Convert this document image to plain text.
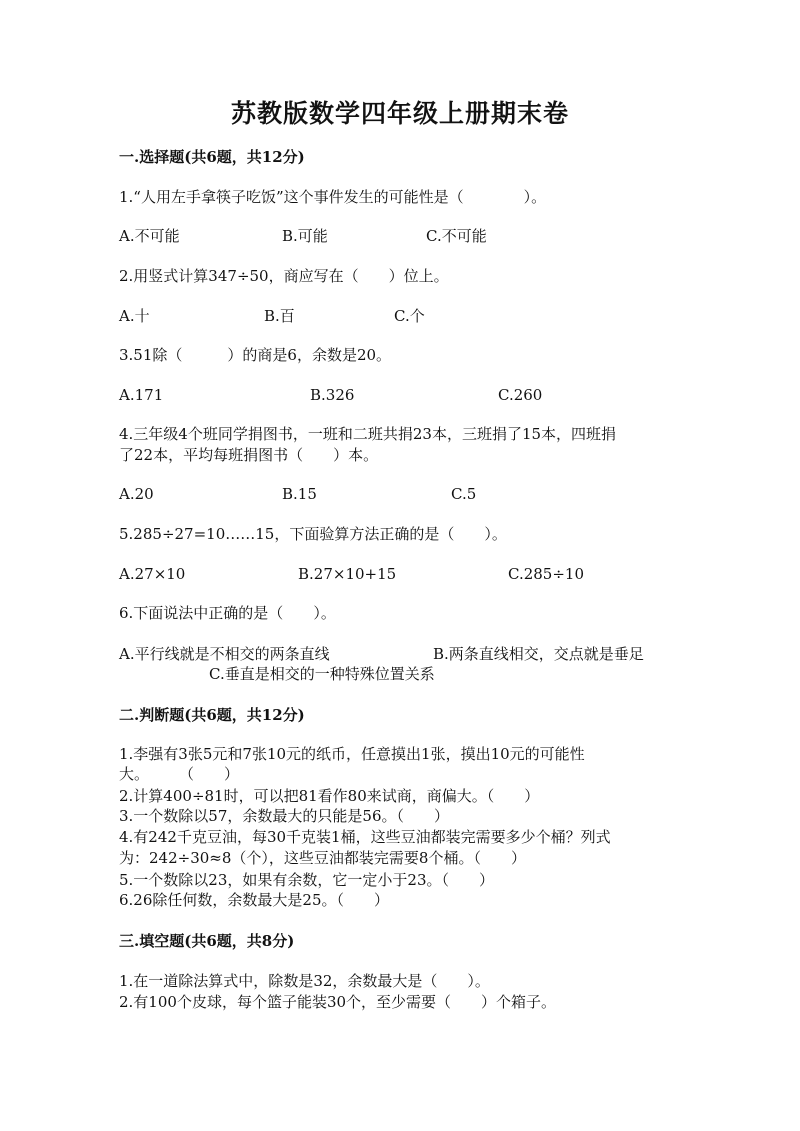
苏教版数学四年级上册期末卷
一.选择题(共6题，共12分)
1.“人用左手拿筷子吃饭”这个事件发生的可能性是（　　　　）。
A.不可能	B.可能	C.不可能
2.用竖式计算347÷50，商应写在（　　）位上。
A.十	B.百	C.个
3.51除（　　　）的商是6，余数是20。
A.171	B.326	C.260
4.三年级4个班同学捐图书，一班和二班共捐23本，三班捐了15本，四班捐
了22本，平均每班捐图书（　　）本。
A.20	B.15	C.5
5.285÷27=10……15，下面验算方法正确的是（　　）。
A.27×10	B.27×10+15	C.285÷10
6.下面说法中正确的是（　　）。
A.平行线就是不相交的两条直线	B.两条直线相交，交点就是垂足
C.垂直是相交的一种特殊位置关系
二.判断题(共6题，共12分)
1.李强有3张5元和7张10元的纸币，任意摸出1张，摸出10元的可能性
大。　　　（　　）
2.计算400÷81时，可以把81看作80来试商，商偏大。（　　）
3.一个数除以57，余数最大的只能是56。（　　）
4.有242千克豆油，每30千克装1桶，这些豆油都装完需要多少个桶？列式
为：242÷30≈8（个），这些豆油都装完需要8个桶。（　　）
5.一个数除以23，如果有余数，它一定小于23。（　　）
6.26除任何数，余数最大是25。（　　）
三.填空题(共6题，共8分)
1.在一道除法算式中，除数是32，余数最大是（　　）。
2.有100个皮球，每个篮子能装30个，至少需要（　　）个箱子。
